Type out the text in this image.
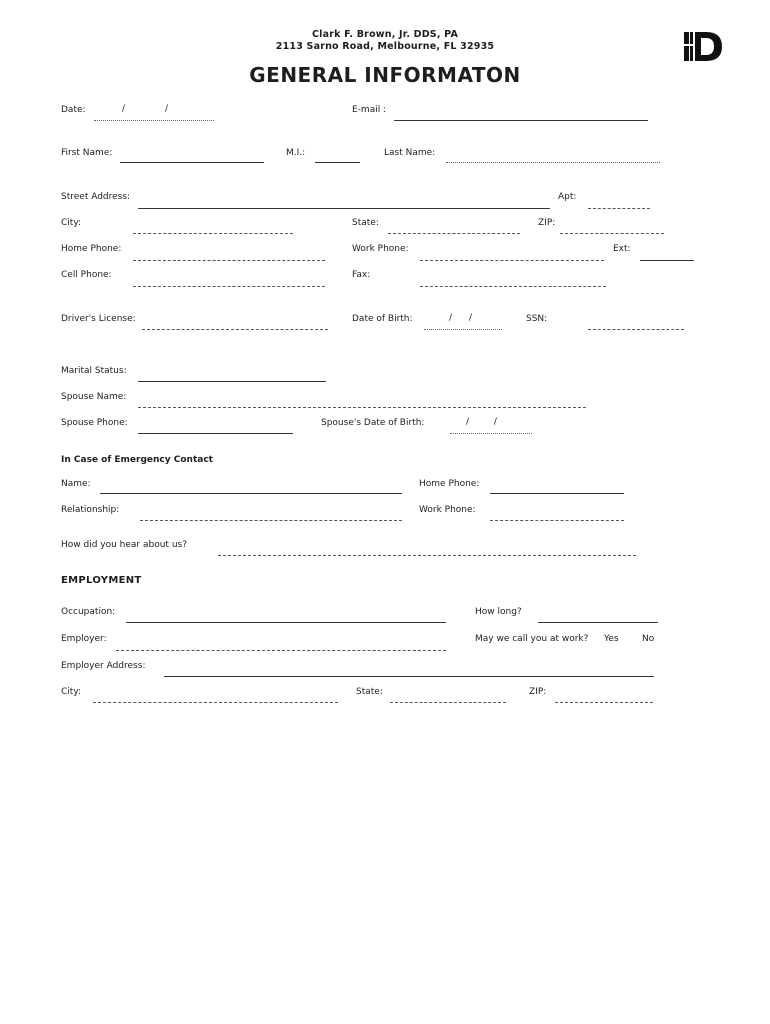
Clark F. Brown, Jr. DDS, PA
2113 Sarno Road, Melbourne, FL 32935
GENERAL INFORMATON
Date:	/	/	E-mail :
First Name:	M.I.:	Last Name:
Street Address:	Apt:
City:	State:	ZIP:
Home Phone:	Work Phone:	Ext:
Cell Phone:	Fax:
Driver's License:	Date of Birth:	/ /	SSN:
Marital Status:
Spouse Name:
Spouse Phone:	Spouse's Date of Birth:	/ /
In Case of Emergency Contact
Name:	Home Phone:
Relationship:	Work Phone:
How did you hear about us?
EMPLOYMENT
Occupation:	How long?
Employer:	May we call you at work? Yes	No
Employer Address:
City:	State:	ZIP:
